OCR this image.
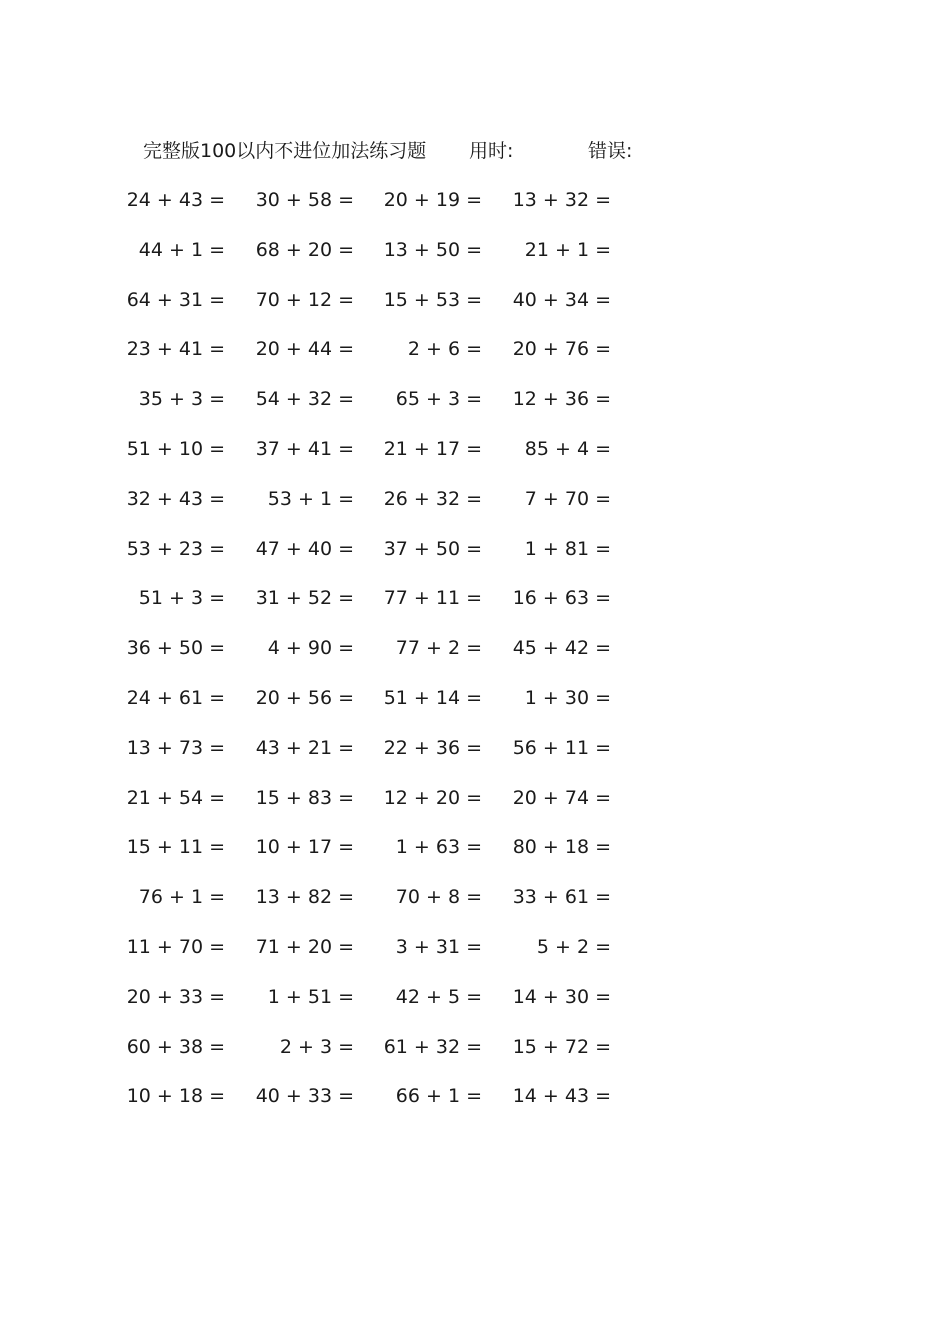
完整版100以内不进位加法练习题 用时:	错误:
24 + 43 = 30 + 58 = 20 + 19 = 13 + 32 =
44 + 1 = 68 + 20 = 13 + 50 = 21 + 1 =
64 + 31 = 70 + 12 = 15 + 53 = 40 + 34 =
23 + 41 = 20 + 44 =	2 + 6 = 20 + 76 =
35 + 3 = 54 + 32 = 65 + 3 = 12 + 36 =
51 + 10 = 37 + 41 = 21 + 17 = 85 + 4 =
32 + 43 = 53 + 1 = 26 + 32 = 7 + 70 =
53 + 23 = 47 + 40 = 37 + 50 = 1 + 81 =
51 + 3 = 31 + 52 = 77 + 11 = 16 + 63 =
36 + 50 = 4 + 90 = 77 + 2 = 45 + 42 =
24 + 61 = 20 + 56 = 51 + 14 = 1 + 30 =
13 + 73 = 43 + 21 = 22 + 36 = 56 + 11 =
21 + 54 = 15 + 83 = 12 + 20 = 20 + 74 =
15 + 11 = 10 + 17 = 1 + 63 = 80 + 18 =
76 + 1 = 13 + 82 = 70 + 8 = 33 + 61 =
11 + 70 = 71 + 20 = 3 + 31 =	5 + 2 =
20 + 33 = 1 + 51 = 42 + 5 = 14 + 30 =
60 + 38 =	2 + 3 = 61 + 32 = 15 + 72 =
10 + 18 = 40 + 33 = 66 + 1 = 14 + 43 =
